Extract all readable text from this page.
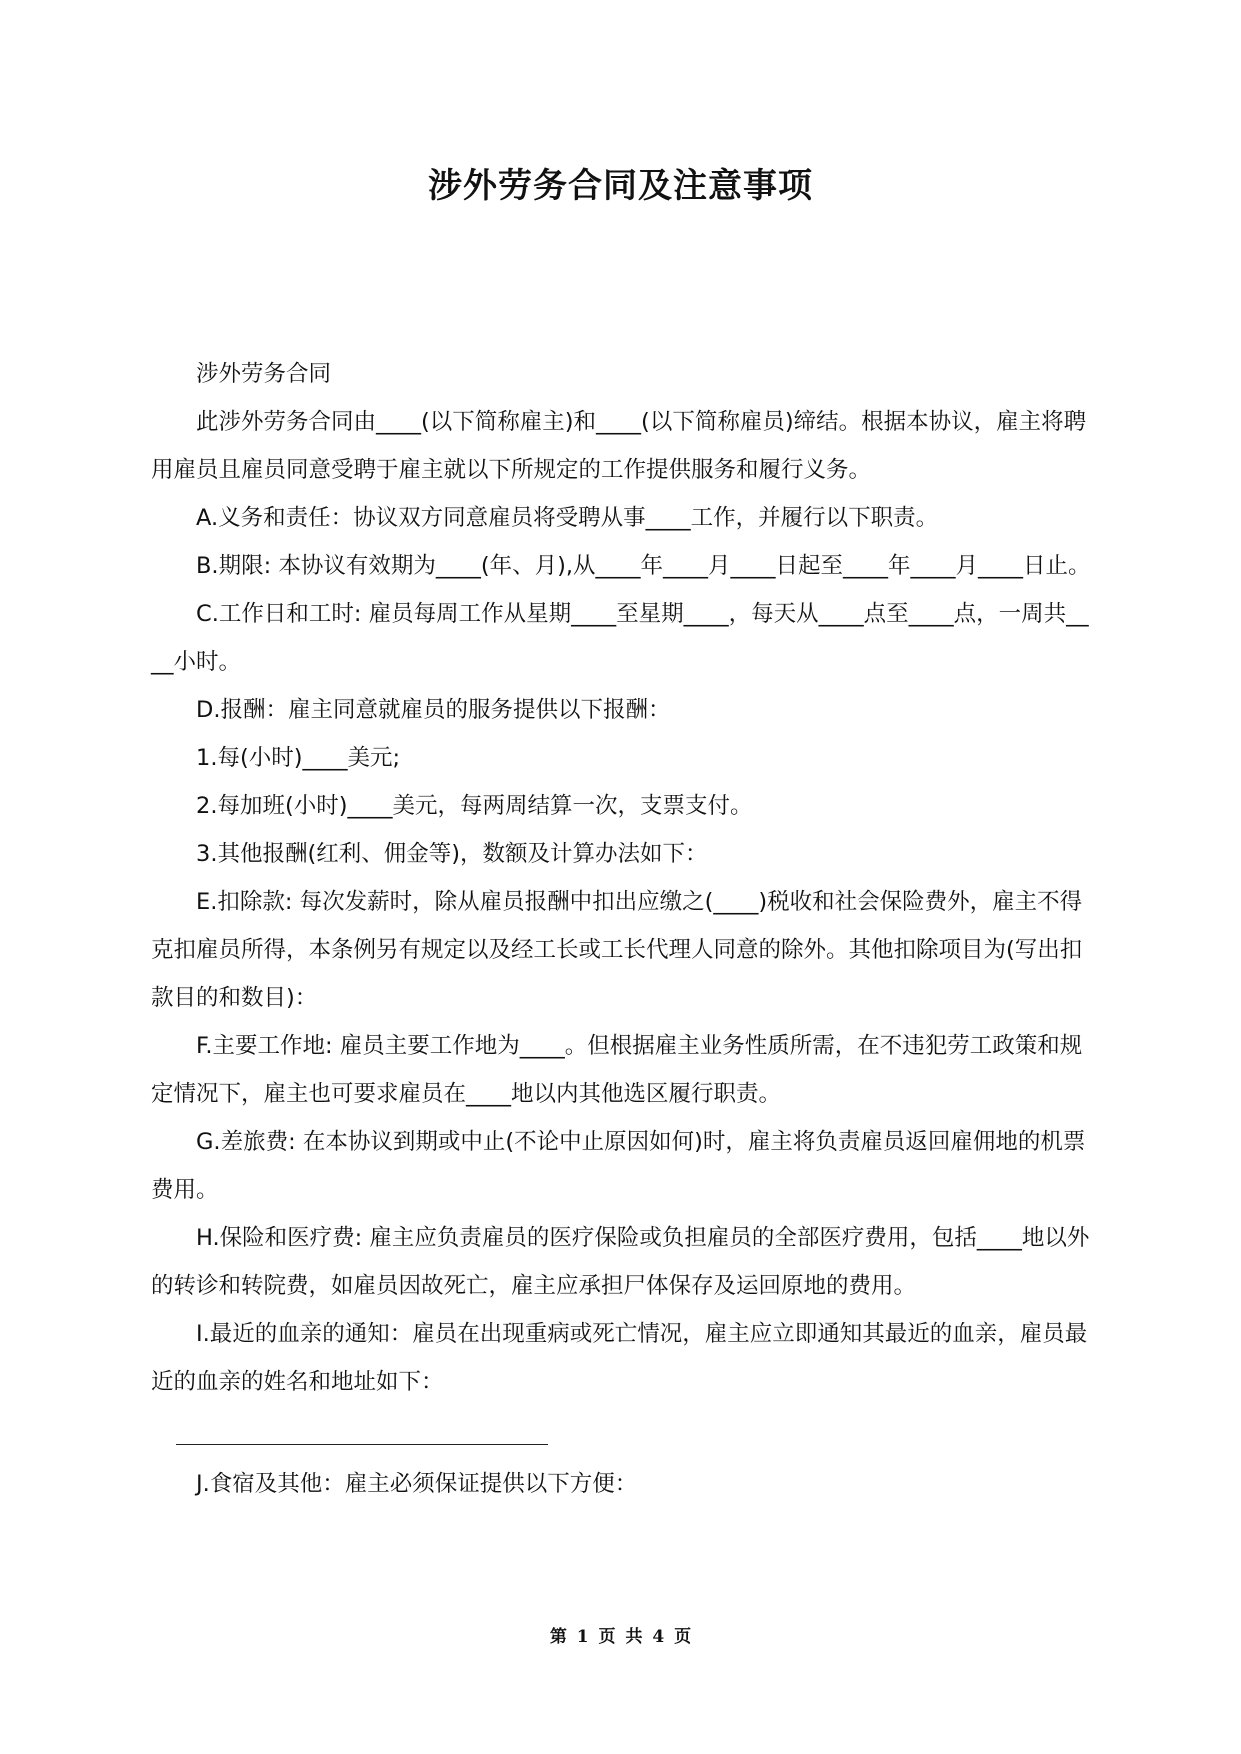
涉外劳务合同及注意事项

涉外劳务合同

此涉外劳务合同由____(以下简称雇主)和____(以下简称雇员)缔结。根据本协议，雇主将聘用雇员且雇员同意受聘于雇主就以下所规定的工作提供服务和履行义务。

A.义务和责任：协议双方同意雇员将受聘从事____工作，并履行以下职责。

B.期限: 本协议有效期为____(年、月),从____年____月____日起至____年____月____日止。

C.工作日和工时: 雇员每周工作从星期____至星期____，每天从____点至____点，一周共____小时。

D.报酬：雇主同意就雇员的服务提供以下报酬：

1.每(小时)____美元;

2.每加班(小时)____美元，每两周结算一次，支票支付。

3.其他报酬(红利、佣金等)，数额及计算办法如下：

E.扣除款: 每次发薪时，除从雇员报酬中扣出应缴之(____)税收和社会保险费外，雇主不得克扣雇员所得，本条例另有规定以及经工长或工长代理人同意的除外。其他扣除项目为(写出扣款目的和数目)：

F.主要工作地: 雇员主要工作地为____。但根据雇主业务性质所需，在不违犯劳工政策和规定情况下，雇主也可要求雇员在____地以内其他选区履行职责。

G.差旅费: 在本协议到期或中止(不论中止原因如何)时，雇主将负责雇员返回雇佣地的机票费用。

H.保险和医疗费: 雇主应负责雇员的医疗保险或负担雇员的全部医疗费用，包括____地以外的转诊和转院费，如雇员因故死亡，雇主应承担尸体保存及运回原地的费用。

I.最近的血亲的通知：雇员在出现重病或死亡情况，雇主应立即通知其最近的血亲，雇员最近的血亲的姓名和地址如下：

J.食宿及其他：雇主必须保证提供以下方便：

第 1 页 共 4 页
